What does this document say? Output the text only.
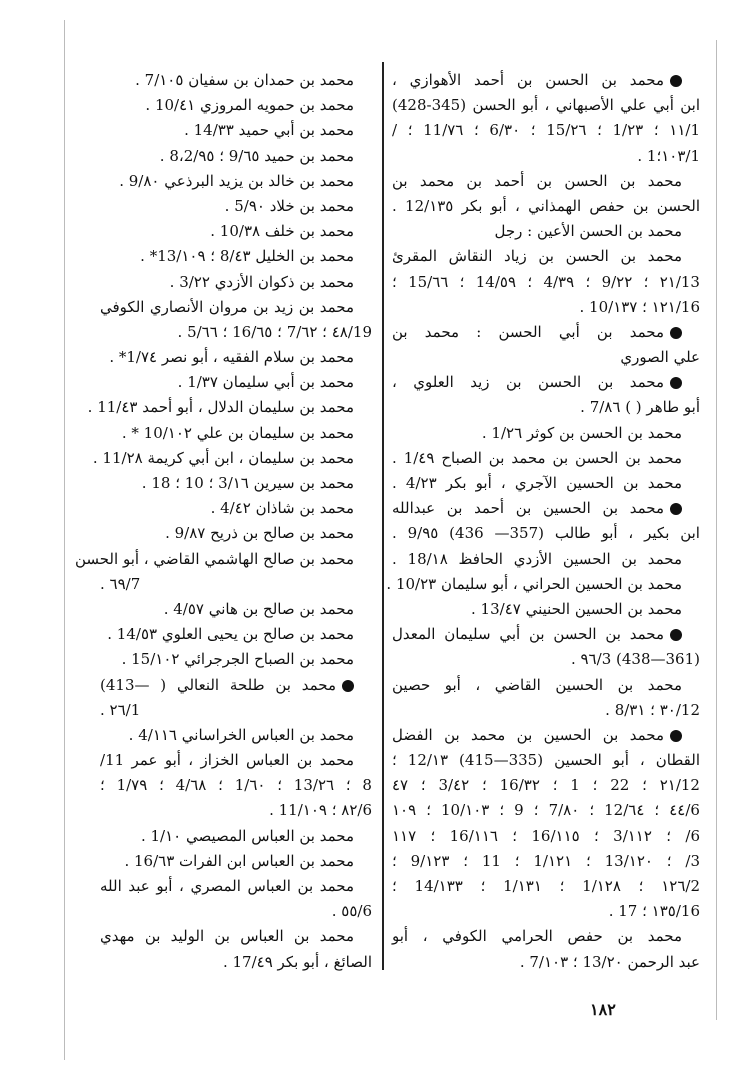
محمد بن الحسن بن أحمد الأهوازي ،
ابن أبي علي الأصبهاني ، أبو الحسن (345-428)
1/١١ ؛ 1/٢٣ ؛ 15/٢٦ ؛ 6/٣٠ ؛ 11/٧٦ ؛ /
1/١٠٣؛1 .
محمد بن الحسن بن أحمد بن محمد بن
الحسن بن حفص الهمذاني ، أبو بكر 12/١٣٥ .
محمد بن الحسن الأعين : رجل
محمد بن الحسن بن زياد النقاش المقرئ
13/٢١ ؛ 9/٢٢ ؛ 4/٣٩ ؛ 14/٥٩ ؛ 15/٦٦ ؛
16/١٢١ ؛ 10/١٣٧ .
محمد بن أبي الحسن : محمد بن
علي الصوري
محمد بن الحسن بن زيد العلوي ،
أبو طاهر ( ) 7/٨٦ .
محمد بن الحسن بن كوثر 1/٢٦ .
محمد بن الحسن بن محمد بن الصباح 1/٤٩ .
محمد بن الحسين الآجري ، أبو بكر 4/٢٣ .
محمد بن الحسين بن أحمد بن عبدالله
ابن بكير ، أبو طالب (357— 436) 9/٩٥ .
محمد بن الحسين الأزدي الحافظ 18/١٨ .
محمد بن الحسين الحراني ، أبو سليمان 10/٢٣ .
محمد بن الحسين الحنيني 13/٤٧ .
محمد بن الحسن بن أبي سليمان المعدل
(361—438) 3/٩٦ .
محمد بن الحسين القاضي ، أبو حصين
12/٣٠ ؛ 8/٣١ .
محمد بن الحسين بن محمد بن الفضل
القطان ، أبو الحسين (335—415) 12/١٣ ؛
12/٢١ ؛ 22 ؛ 1 ؛ 16/٣٢ ؛ 3/٤٢ ؛ ٤٧
6/٤٤ ؛ 12/٦٤ ؛ 7/٨٠ ؛ 9 ؛ 10/١٠٣ ؛ ١٠٩
6/ ؛ 3/١١٢ ؛ 16/١١٥ ؛ 16/١١٦ ؛ ١١٧
3/ ؛ 13/١٢٠ ؛ 1/١٢١ ؛ 11 ؛ 9/١٢٣ ؛
2/١٢٦ ؛ 1/١٢٨ ؛ 1/١٣١ ؛ 14/١٣٣ ؛
16/١٣٥ ؛ 17 .
محمد بن حفص الحرامي الكوفي ، أبو
عبد الرحمن 13/٢٠ ؛ 7/١٠٣ .
محمد بن حمدان بن سفيان 7/١٠٥ .
محمد بن حمويه المروزي 10/٤١ .
محمد بن أبي حميد 14/٣٣ .
محمد بن حميد 9/٦٥ ؛ 8،2/٩٥ .
محمد بن خالد بن يزيد البرذعي 9/٨٠ .
محمد بن خلاد 5/٩٠ .
محمد بن خلف 10/٣٨ .
محمد بن الخليل 8/٤٣ ؛ 13/١٠٩* .
محمد بن ذكوان الأزدي 3/٢٢ .
محمد بن زيد بن مروان الأنصاري الكوفي
19/٤٨ ؛ 7/٦٢ ؛ 16/٦٥ ؛ 5/٦٦ .
محمد بن سلام الفقيه ، أبو نصر 1/٧٤* .
محمد بن أبي سليمان 1/٣٧ .
محمد بن سليمان الدلال ، أبو أحمد 11/٤٣ .
محمد بن سليمان بن علي 10/١٠٢ * .
محمد بن سليمان ، ابن أبي كريمة 11/٢٨ .
محمد بن سيرين 3/١٦ ؛ 10 ؛ 18 .
محمد بن شاذان 4/٤٢ .
محمد بن صالح بن ذريح 9/٨٧ .
محمد بن صالح الهاشمي القاضي ، أبو الحسن
7/٦٩ .
محمد بن صالح بن هاني 4/٥٧ .
محمد بن صالح بن يحيى العلوي 14/٥٣ .
محمد بن الصباح الجرجرائي 15/١٠٢ .
محمد بن طلحة النعالي ( —413)
1/٢٦ .
محمد بن العباس الخراساني 4/١١٦ .
محمد بن العباس الخزاز ، أبو عمر 11/
8 ؛ 13/٢٦ ؛ 1/٦٠ ؛ 4/٦٨ ؛ 1/٧٩ ؛
6/٨٢ ؛ 11/١٠٩ .
محمد بن العباس المصيصي 1/١٠ .
محمد بن العباس ابن الفرات 16/٦٣ .
محمد بن العباس المصري ، أبو عبد الله
6/٥٥ .
محمد بن العباس بن الوليد بن مهدي
الصائغ ، أبو بكر 17/٤٩ .
١٨٢
